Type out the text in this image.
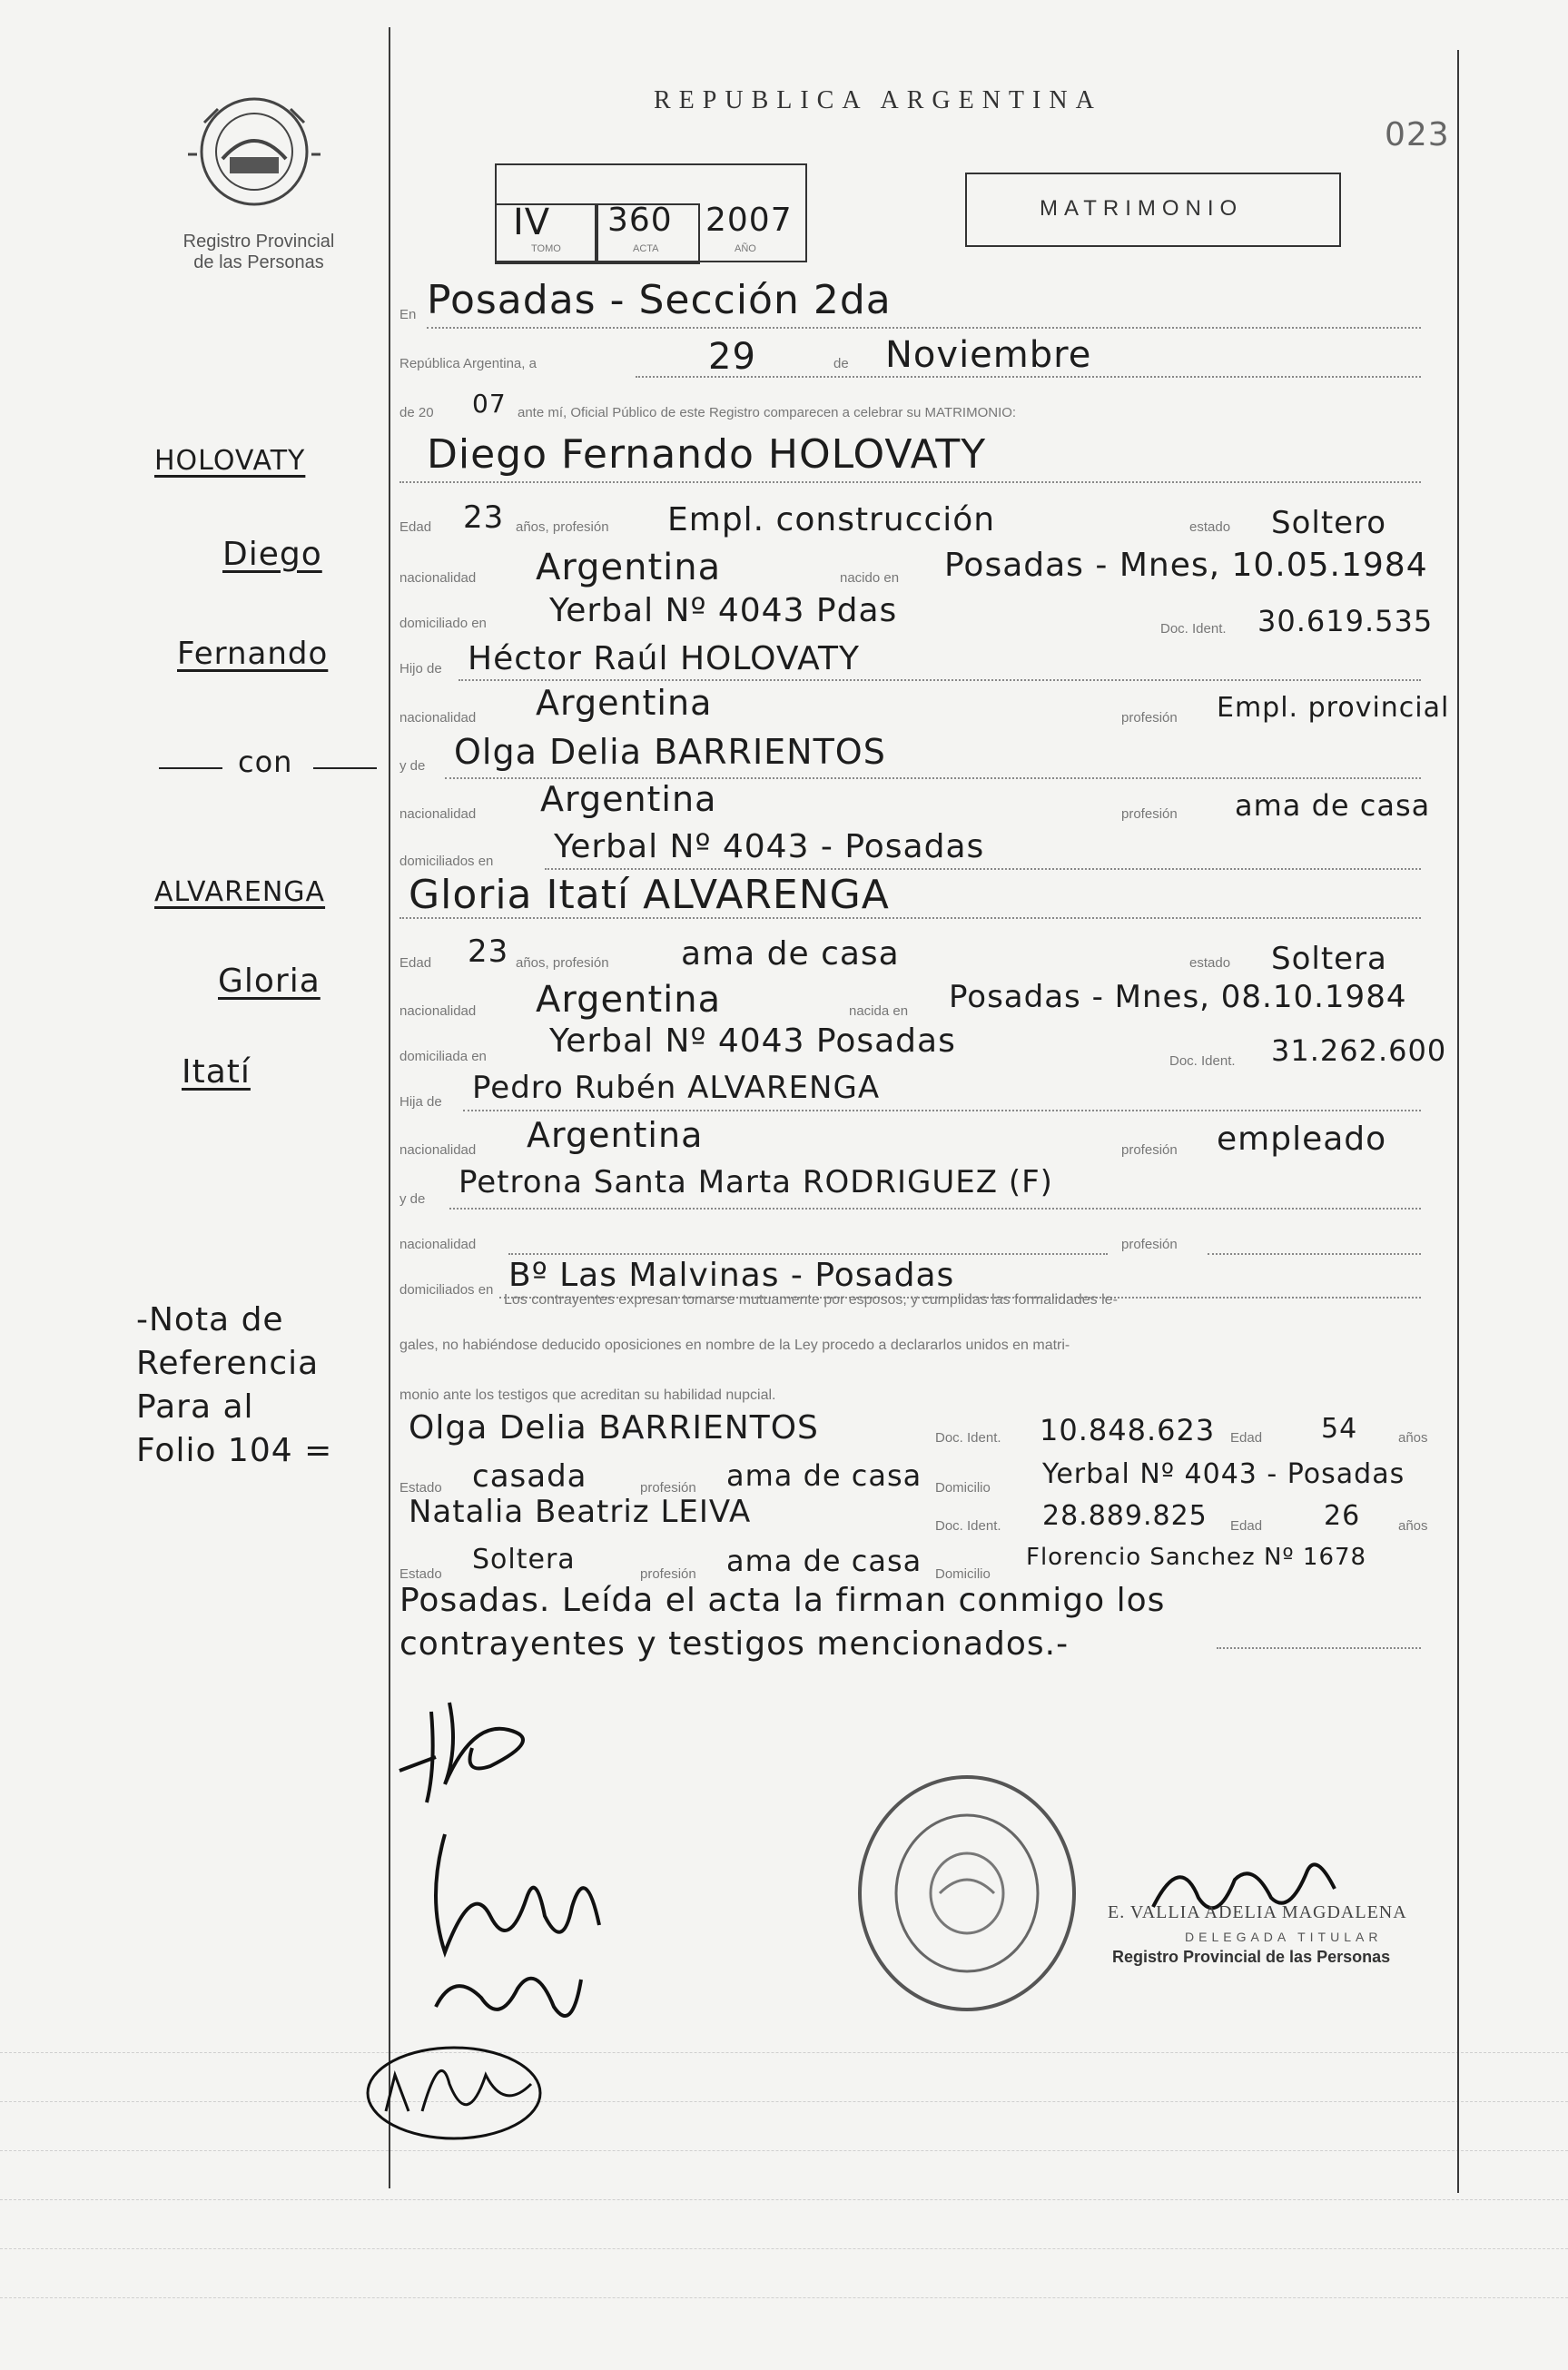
REPUBLICA ARGENTINA
023
Registro Provincial
de las Personas
IV 360 2007
TOMO	ACTA	AÑO
MATRIMONIO
HOLOVATY
Diego
Fernando
con
ALVARENGA
Gloria
Itatí
-Nota de
Referencia
Para al
Folio 104 =
En Posadas - Sección 2da
República Argentina, a	29	de Noviembre
de 20 07 ante mí, Oficial Público de este Registro comparecen a celebrar su MATRIMONIO:
Diego Fernando HOLOVATY
Edad 23 años, profesión Empl. construcción	estado Soltero
nacionalidad Argentina	nacido en Posadas - Mnes, 10.05.1984
domiciliado en Yerbal Nº 4043 Pdas	Doc. Ident. 30.619.535
Hijo de Héctor Raúl HOLOVATY
nacionalidad Argentina	profesión Empl. provincial
y de Olga Delia BARRIENTOS
nacionalidad Argentina	profesión ama de casa
domiciliados en Yerbal Nº 4043 - Posadas
Gloria Itatí ALVARENGA
Edad 23 años, profesión ama de casa	estado Soltera
nacionalidad Argentina	nacida en Posadas - Mnes, 08.10.1984
domiciliada en Yerbal Nº 4043 Posadas
Doc. Ident. 31.262.600
Hija de Pedro Rubén ALVARENGA
nacionalidad Argentina	profesión empleado
y de Petrona Santa Marta RODRIGUEZ (F)
nacionalidad	profesión
domiciliados en Bº Las Malvinas - Posadas
Los contrayentes expresan tomarse mutuamente por esposos, y cumplidas las formalidades le-
gales, no habiéndose deducido oposiciones en nombre de la Ley procedo a declararlos unidos en matri-
monio ante los testigos que acreditan su habilidad nupcial.
Olga Delia BARRIENTOS	Doc. Ident. 10.848.623 Edad 54	años
Estado casada	profesión ama de casa Domicilio Yerbal Nº 4043 - Posadas
Natalia Beatriz LEIVA	Doc. Ident. 28.889.825 Edad 26	años
Estado Soltera	profesión ama de casa Domicilio
Florencio Sanchez Nº 1678
Posadas. Leída el acta la firman conmigo los
contrayentes y testigos mencionados.-
E. VALLIA ADELIA MAGDALENA
DELEGADA TITULAR
Registro Provincial de las Personas
